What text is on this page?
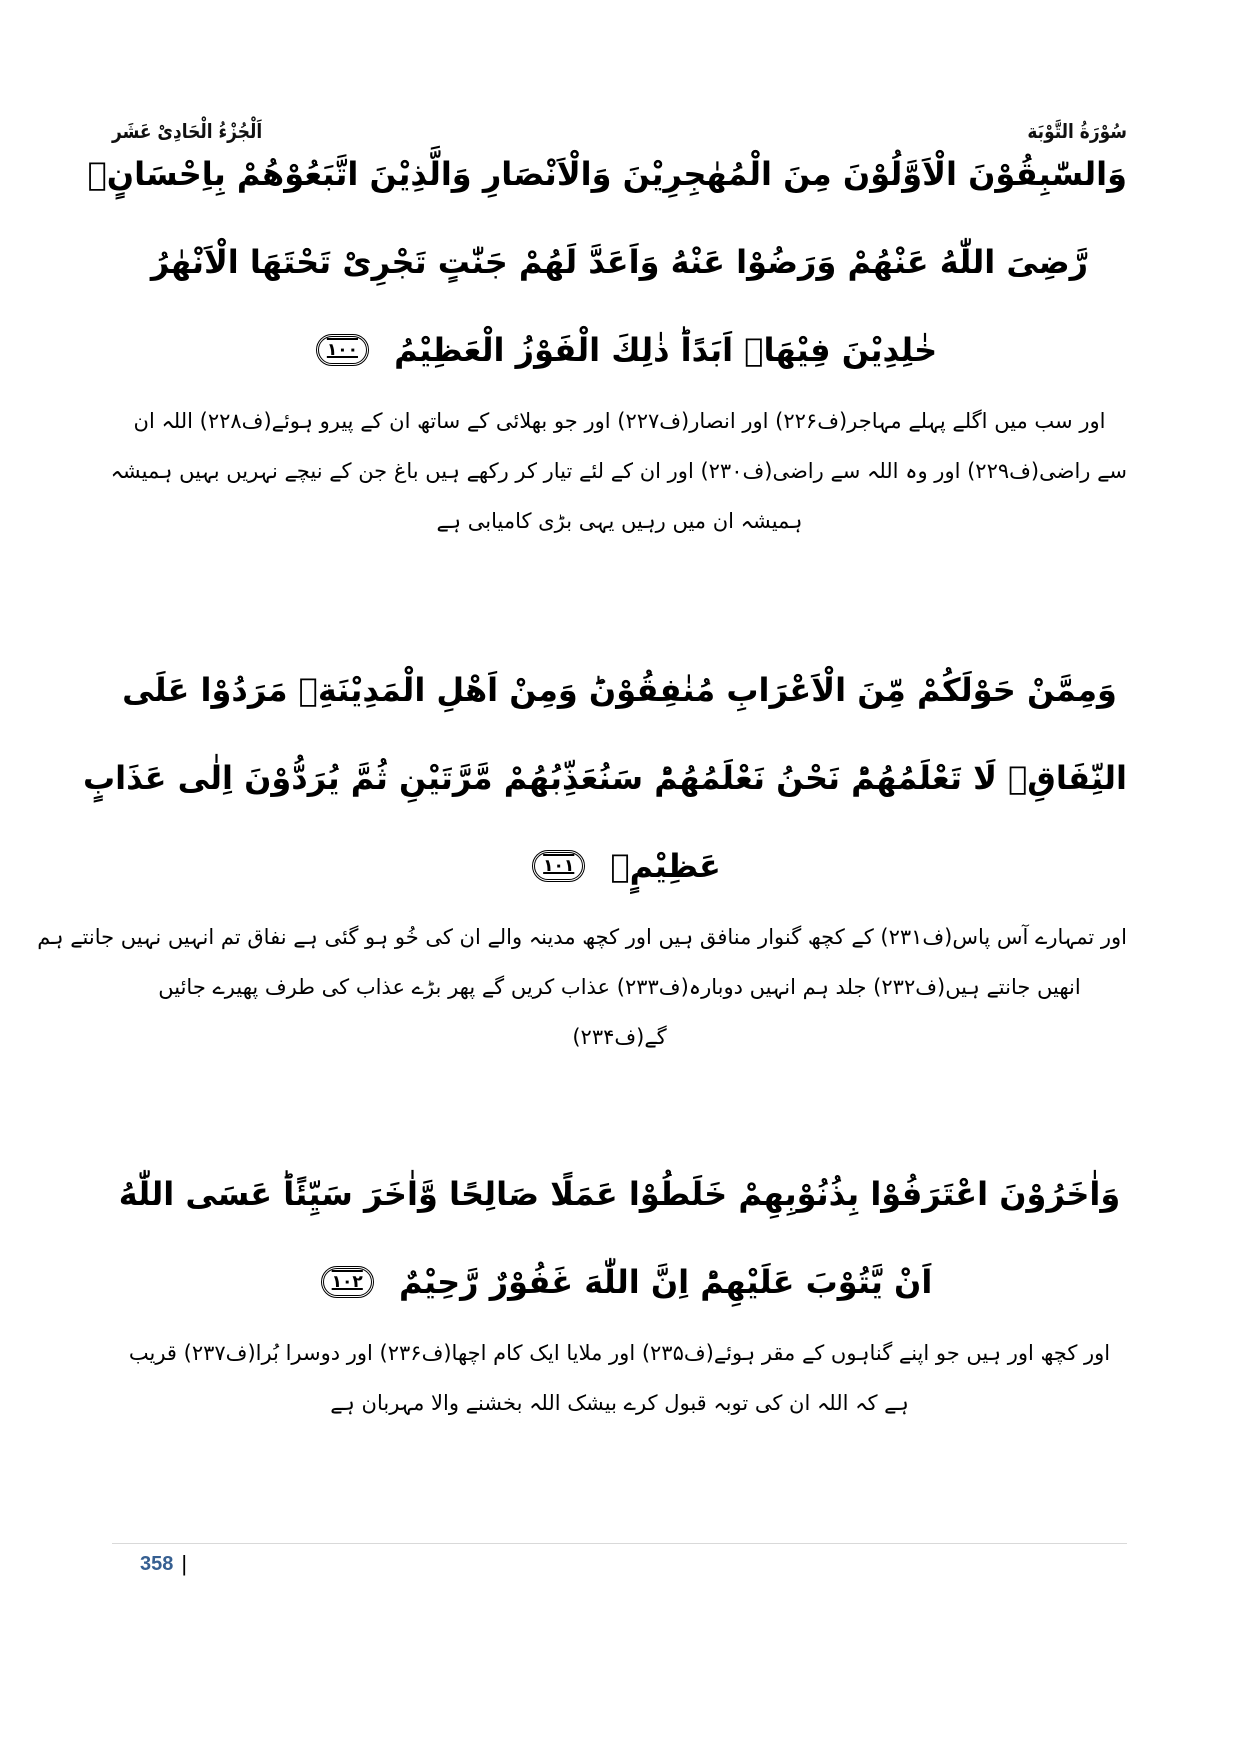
سُوْرَةُ التَّوْبَة
اَلْجُزْءُ الْحَادِیْ عَشَر
وَالسّٰبِقُوْنَ الْاَوَّلُوْنَ مِنَ الْمُهٰجِرِیْنَ وَالْاَنْصَارِ وَالَّذِیْنَ اتَّبَعُوْهُمْ بِاِحْسَانٍۙ
رَّضِیَ اللّٰهُ عَنْهُمْ وَرَضُوْا عَنْهُ وَاَعَدَّ لَهُمْ جَنّٰتٍ تَجْرِیْ تَحْتَهَا الْاَنْهٰرُ
خٰلِدِیْنَ فِیْهَاۤ اَبَدًاؕ ذٰلِكَ الْفَوْزُ الْعَظِیْمُ ۱۰۰
اور سب میں اگلے پہلے مہاجر(ف۲۲۶) اور انصار(ف۲۲۷) اور جو بھلائی کے ساتھ ان کے پیرو ہوئے(ف۲۲۸) اللہ ان
سے راضی(ف۲۲۹) اور وہ اللہ سے راضی(ف۲۳۰) اور ان کے لئے تیار کر رکھے ہیں باغ جن کے نیچے نہریں بہیں ہمیشہ
ہمیشہ ان میں رہیں یہی بڑی کامیابی ہے
وَمِمَّنْ حَوْلَكُمْ مِّنَ الْاَعْرَابِ مُنٰفِقُوْنَؕ وَمِنْ اَهْلِ الْمَدِیْنَةِۛ مَرَدُوْا عَلَی
النِّفَاقِ۫ لَا تَعْلَمُهُمْؕ نَحْنُ نَعْلَمُهُمْؕ سَنُعَذِّبُهُمْ مَّرَّتَیْنِ ثُمَّ یُرَدُّوْنَ اِلٰی عَذَابٍ
عَظِیْمٍۚ ۱۰۱
اور تمہارے آس پاس(ف۲۳۱) کے کچھ گنوار منافق ہیں اور کچھ مدینہ والے ان کی خُو ہو گئی ہے نفاق تم انہیں نہیں جانتے ہم
انھیں جانتے ہیں(ف۲۳۲) جلد ہم انہیں دوبارہ(ف۲۳۳) عذاب کریں گے پھر بڑے عذاب کی طرف پھیرے جائیں
گے(ف۲۳۴)
وَاٰخَرُوْنَ اعْتَرَفُوْا بِذُنُوْبِهِمْ خَلَطُوْا عَمَلًا صَالِحًا وَّاٰخَرَ سَیِّئًاؕ عَسَی اللّٰهُ
اَنْ یَّتُوْبَ عَلَیْهِمْؕ اِنَّ اللّٰهَ غَفُوْرٌ رَّحِیْمٌ ۱۰۲
اور کچھ اور ہیں جو اپنے گناہوں کے مقر ہوئے(ف۲۳۵) اور ملایا ایک کام اچھا(ف۲۳۶) اور دوسرا بُرا(ف۲۳۷) قریب
ہے کہ اللہ ان کی توبہ قبول کرے بیشک اللہ بخشنے والا مہربان ہے
358 |
